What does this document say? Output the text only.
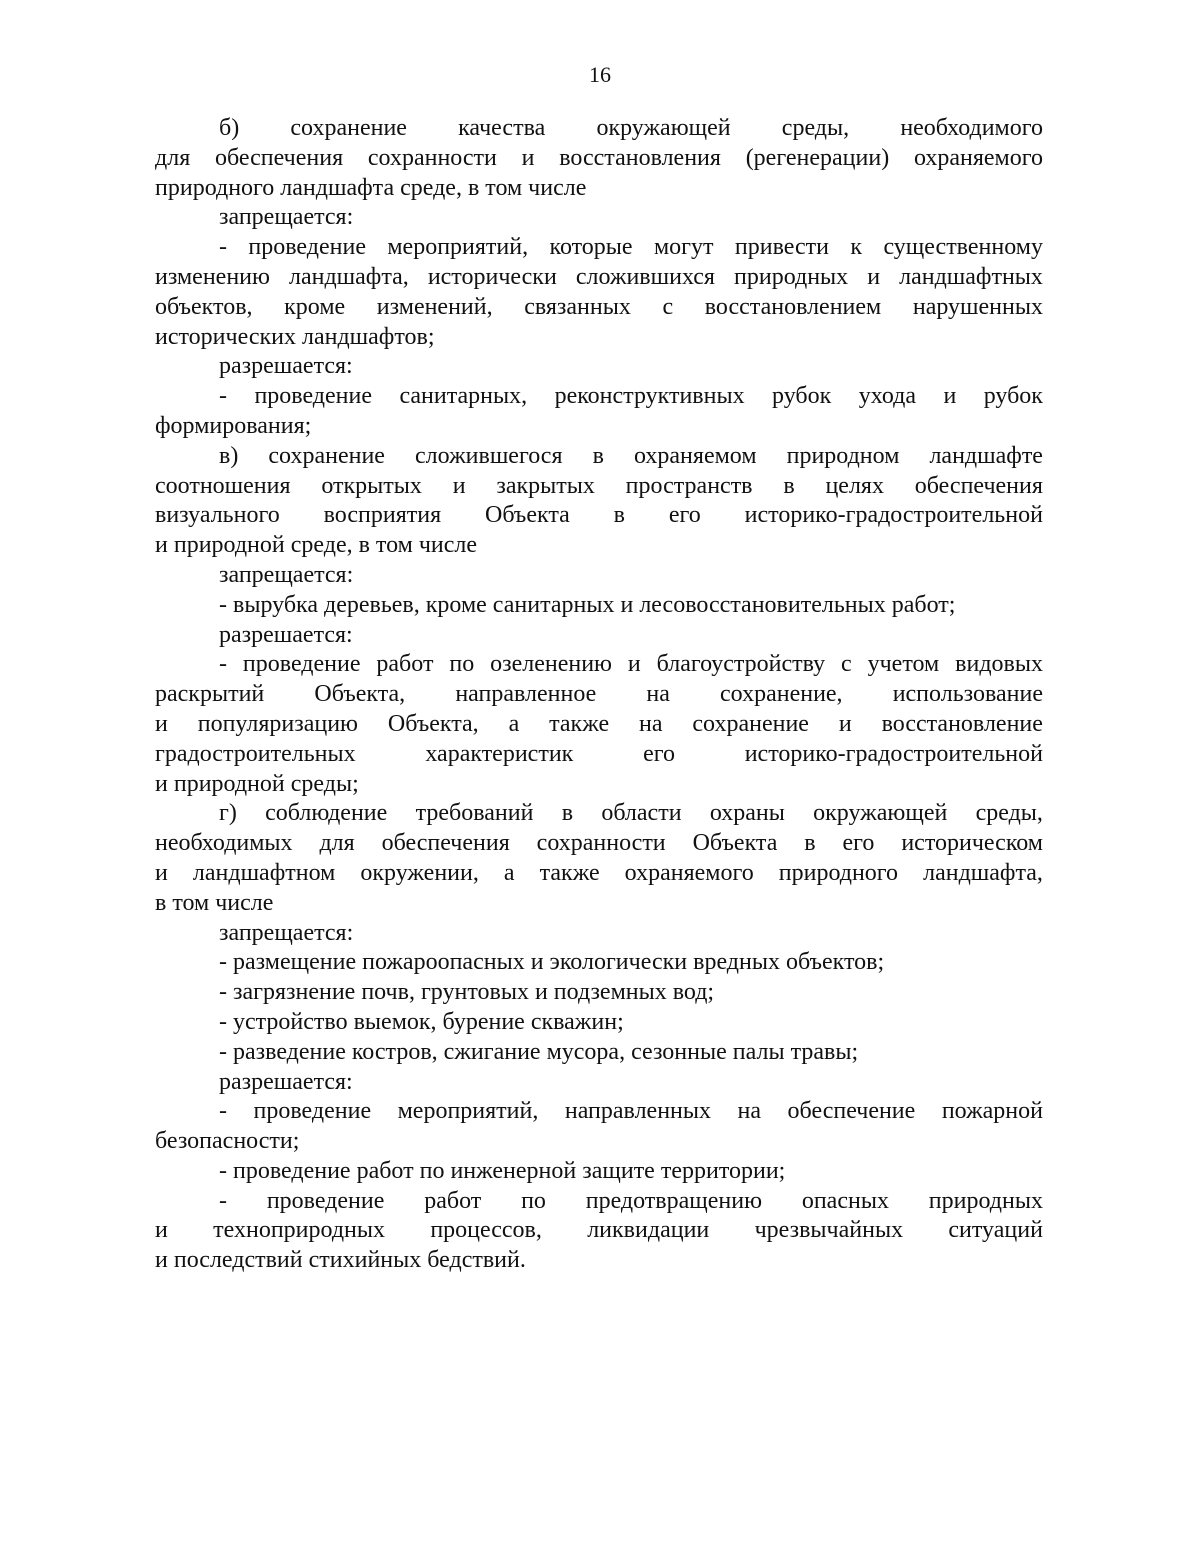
16
б) сохранение качества окружающей среды, необходимого
для обеспечения сохранности и восстановления (регенерации) охраняемого
природного ландшафта среде, в том числе
запрещается:
- проведение мероприятий, которые могут привести к существенному
изменению ландшафта, исторически сложившихся природных и ландшафтных
объектов, кроме изменений, связанных с восстановлением нарушенных
исторических ландшафтов;
разрешается:
- проведение санитарных, реконструктивных рубок ухода и рубок
формирования;
в) сохранение сложившегося в охраняемом природном ландшафте
соотношения открытых и закрытых пространств в целях обеспечения
визуального восприятия Объекта в его историко-градостроительной
и природной среде, в том числе
запрещается:
- вырубка деревьев, кроме санитарных и лесовосстановительных работ;
разрешается:
- проведение работ по озеленению и благоустройству с учетом видовых
раскрытий Объекта, направленное на сохранение, использование
и популяризацию Объекта, а также на сохранение и восстановление
градостроительных	характеристик	его	историко-градостроительной
и природной среды;
г) соблюдение требований в области охраны окружающей среды,
необходимых для обеспечения сохранности Объекта в его историческом
и ландшафтном окружении, а также охраняемого природного ландшафта,
в том числе
запрещается:
- размещение пожароопасных и экологически вредных объектов;
- загрязнение почв, грунтовых и подземных вод;
- устройство выемок, бурение скважин;
- разведение костров, сжигание мусора, сезонные палы травы;
разрешается:
- проведение мероприятий, направленных на обеспечение пожарной
безопасности;
- проведение работ по инженерной защите территории;
- проведение работ по предотвращению опасных природных
и техноприродных процессов, ликвидации чрезвычайных ситуаций
и последствий стихийных бедствий.
